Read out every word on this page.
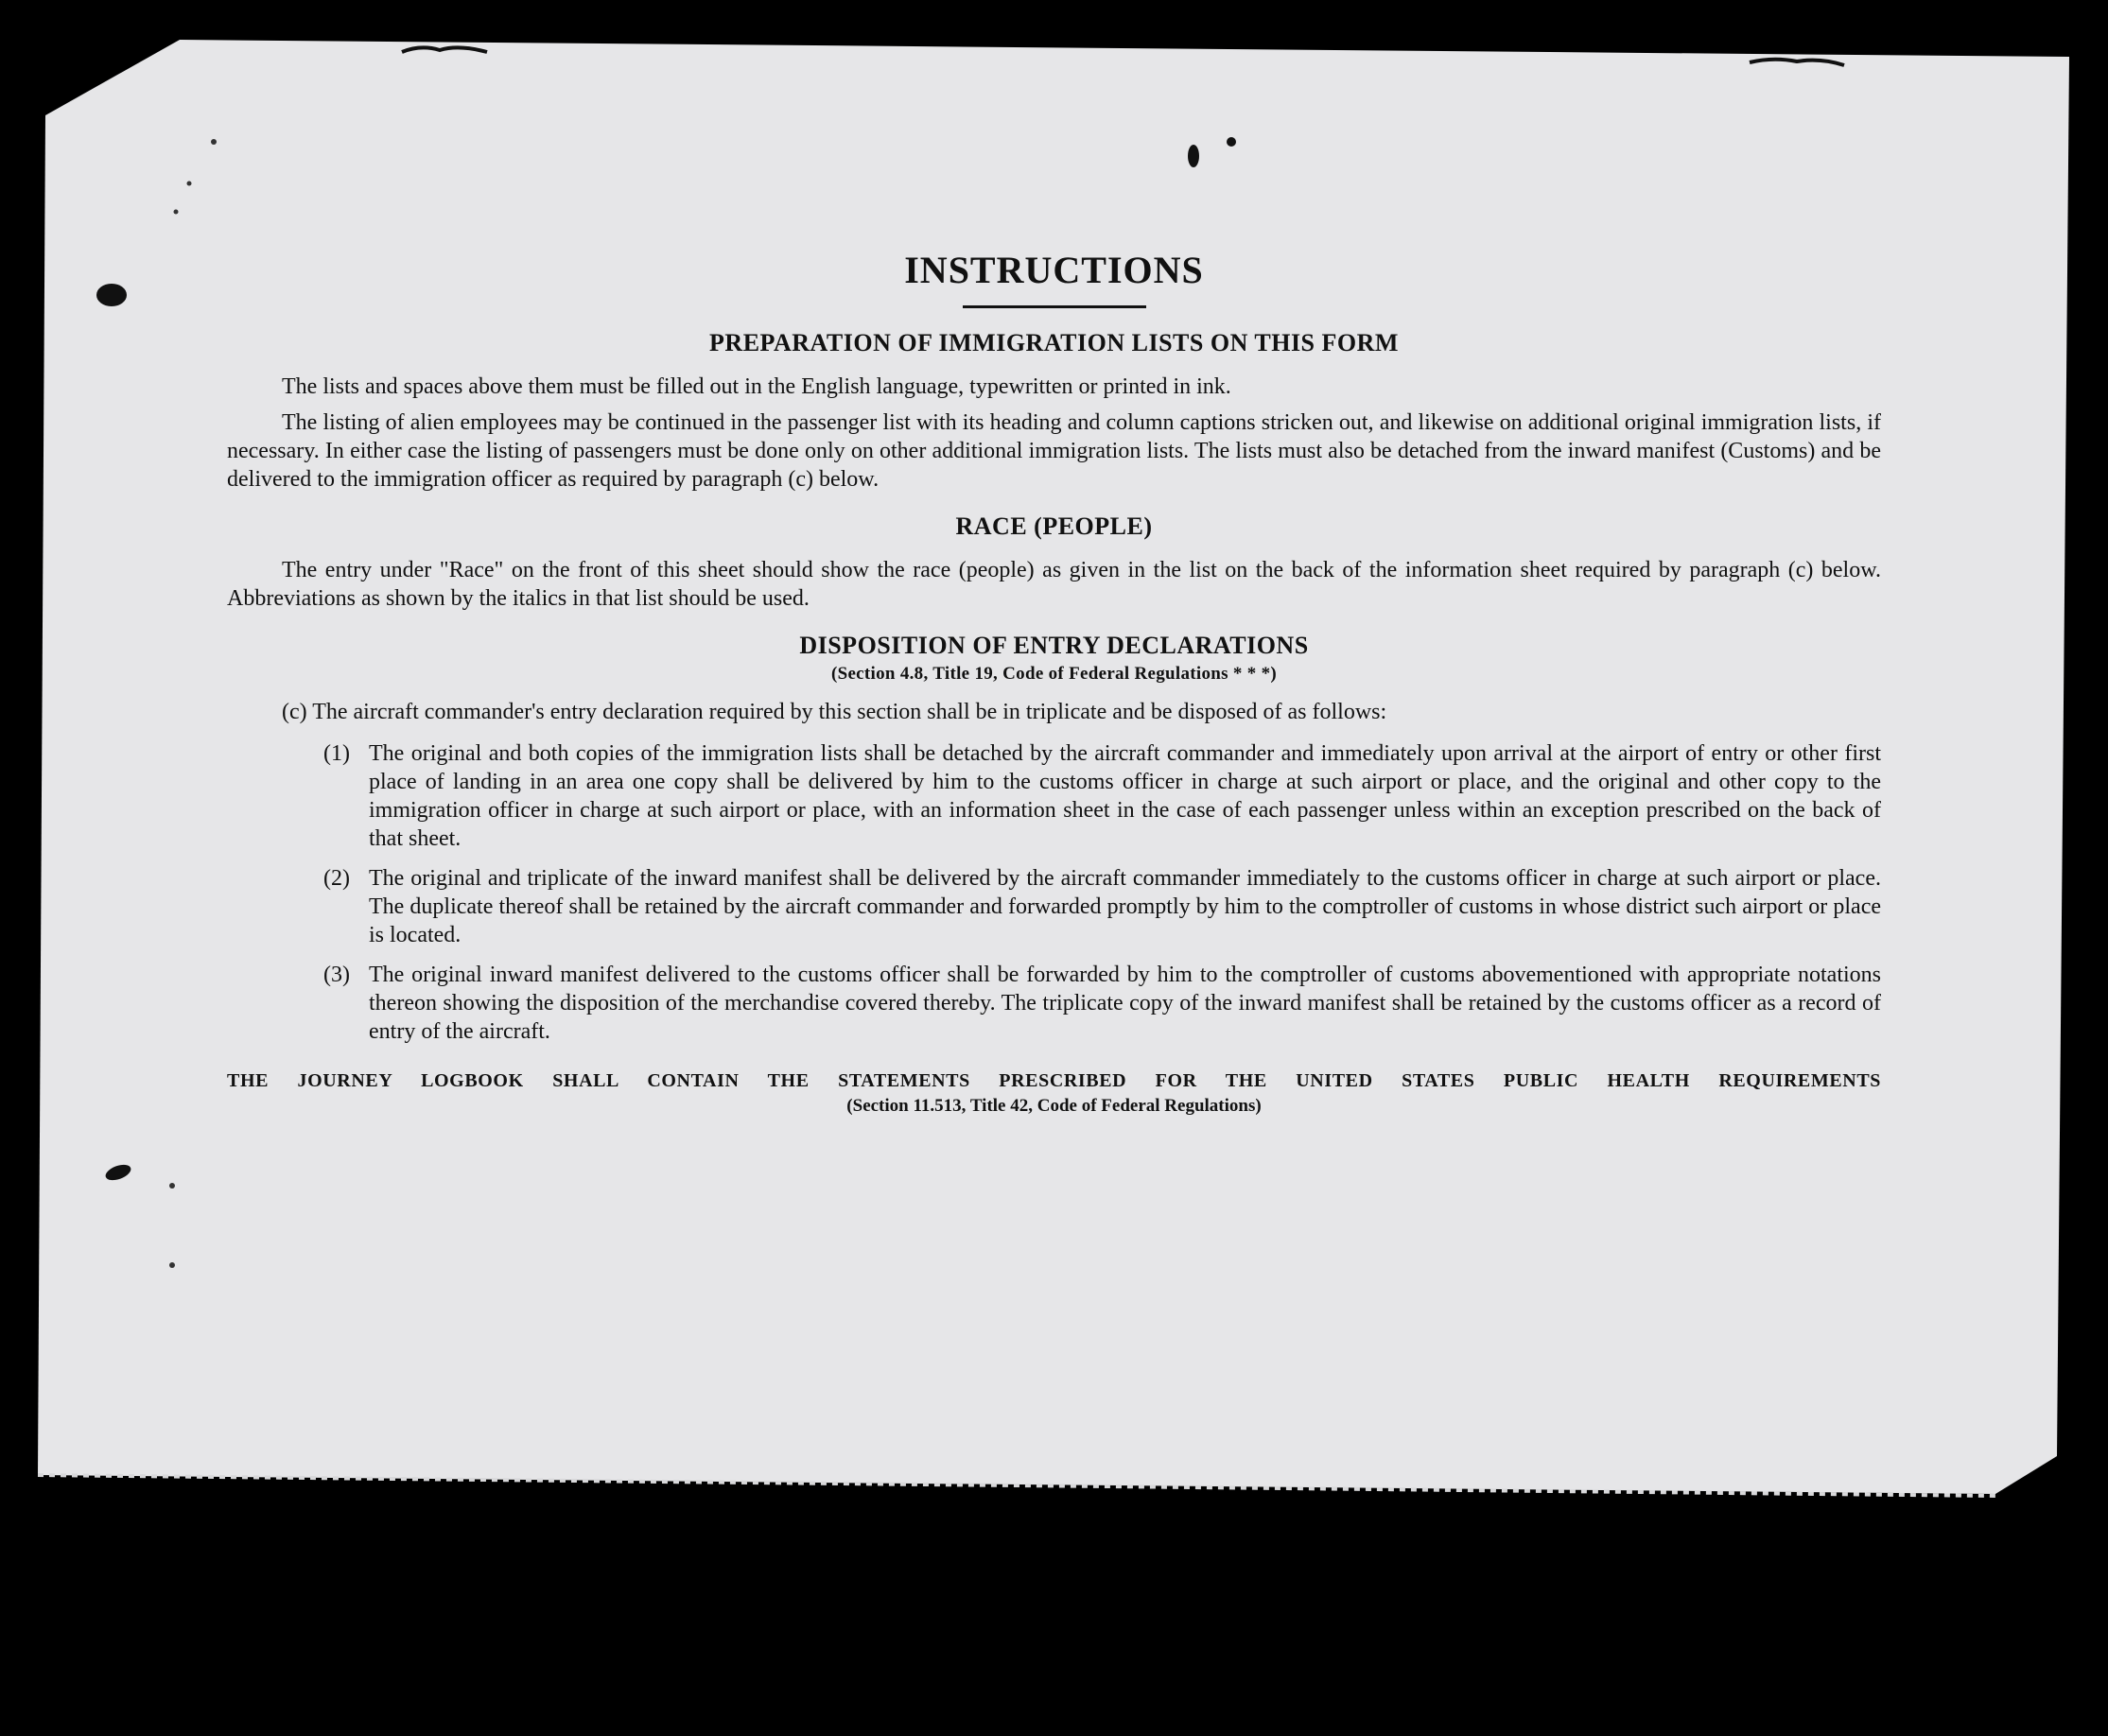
INSTRUCTIONS
PREPARATION OF IMMIGRATION LISTS ON THIS FORM

The lists and spaces above them must be filled out in the English language, typewritten or printed in ink.

The listing of alien employees may be continued in the passenger list with its heading and column captions stricken out, and likewise on additional original immigration lists, if necessary. In either case the listing of passengers must be done only on other additional immigration lists. The lists must also be detached from the inward manifest (Customs) and be delivered to the immigration officer as required by paragraph (c) below.

RACE (PEOPLE)

The entry under "Race" on the front of this sheet should show the race (people) as given in the list on the back of the information sheet required by paragraph (c) below. Abbreviations as shown by the italics in that list should be used.

DISPOSITION OF ENTRY DECLARATIONS
(Section 4.8, Title 19, Code of Federal Regulations * * *)

(c) The aircraft commander's entry declaration required by this section shall be in triplicate and be disposed of as follows:

(1) The original and both copies of the immigration lists shall be detached by the aircraft commander and immediately upon arrival at the airport of entry or other first place of landing in an area one copy shall be delivered by him to the customs officer in charge at such airport or place, and the original and other copy to the immigration officer in charge at such airport or place, with an information sheet in the case of each passenger unless within an exception prescribed on the back of that sheet.
(2) The original and triplicate of the inward manifest shall be delivered by the aircraft commander immediately to the customs officer in charge at such airport or place. The duplicate thereof shall be retained by the aircraft commander and forwarded promptly by him to the comptroller of customs in whose district such airport or place is located.
(3) The original inward manifest delivered to the customs officer shall be forwarded by him to the comptroller of customs abovementioned with appropriate notations thereon showing the disposition of the merchandise covered thereby. The triplicate copy of the inward manifest shall be retained by the customs officer as a record of entry of the aircraft.
THE JOURNEY LOGBOOK SHALL CONTAIN THE STATEMENTS PRESCRIBED FOR THE UNITED STATES PUBLIC HEALTH REQUIREMENTS
(Section 11.513, Title 42, Code of Federal Regulations)
